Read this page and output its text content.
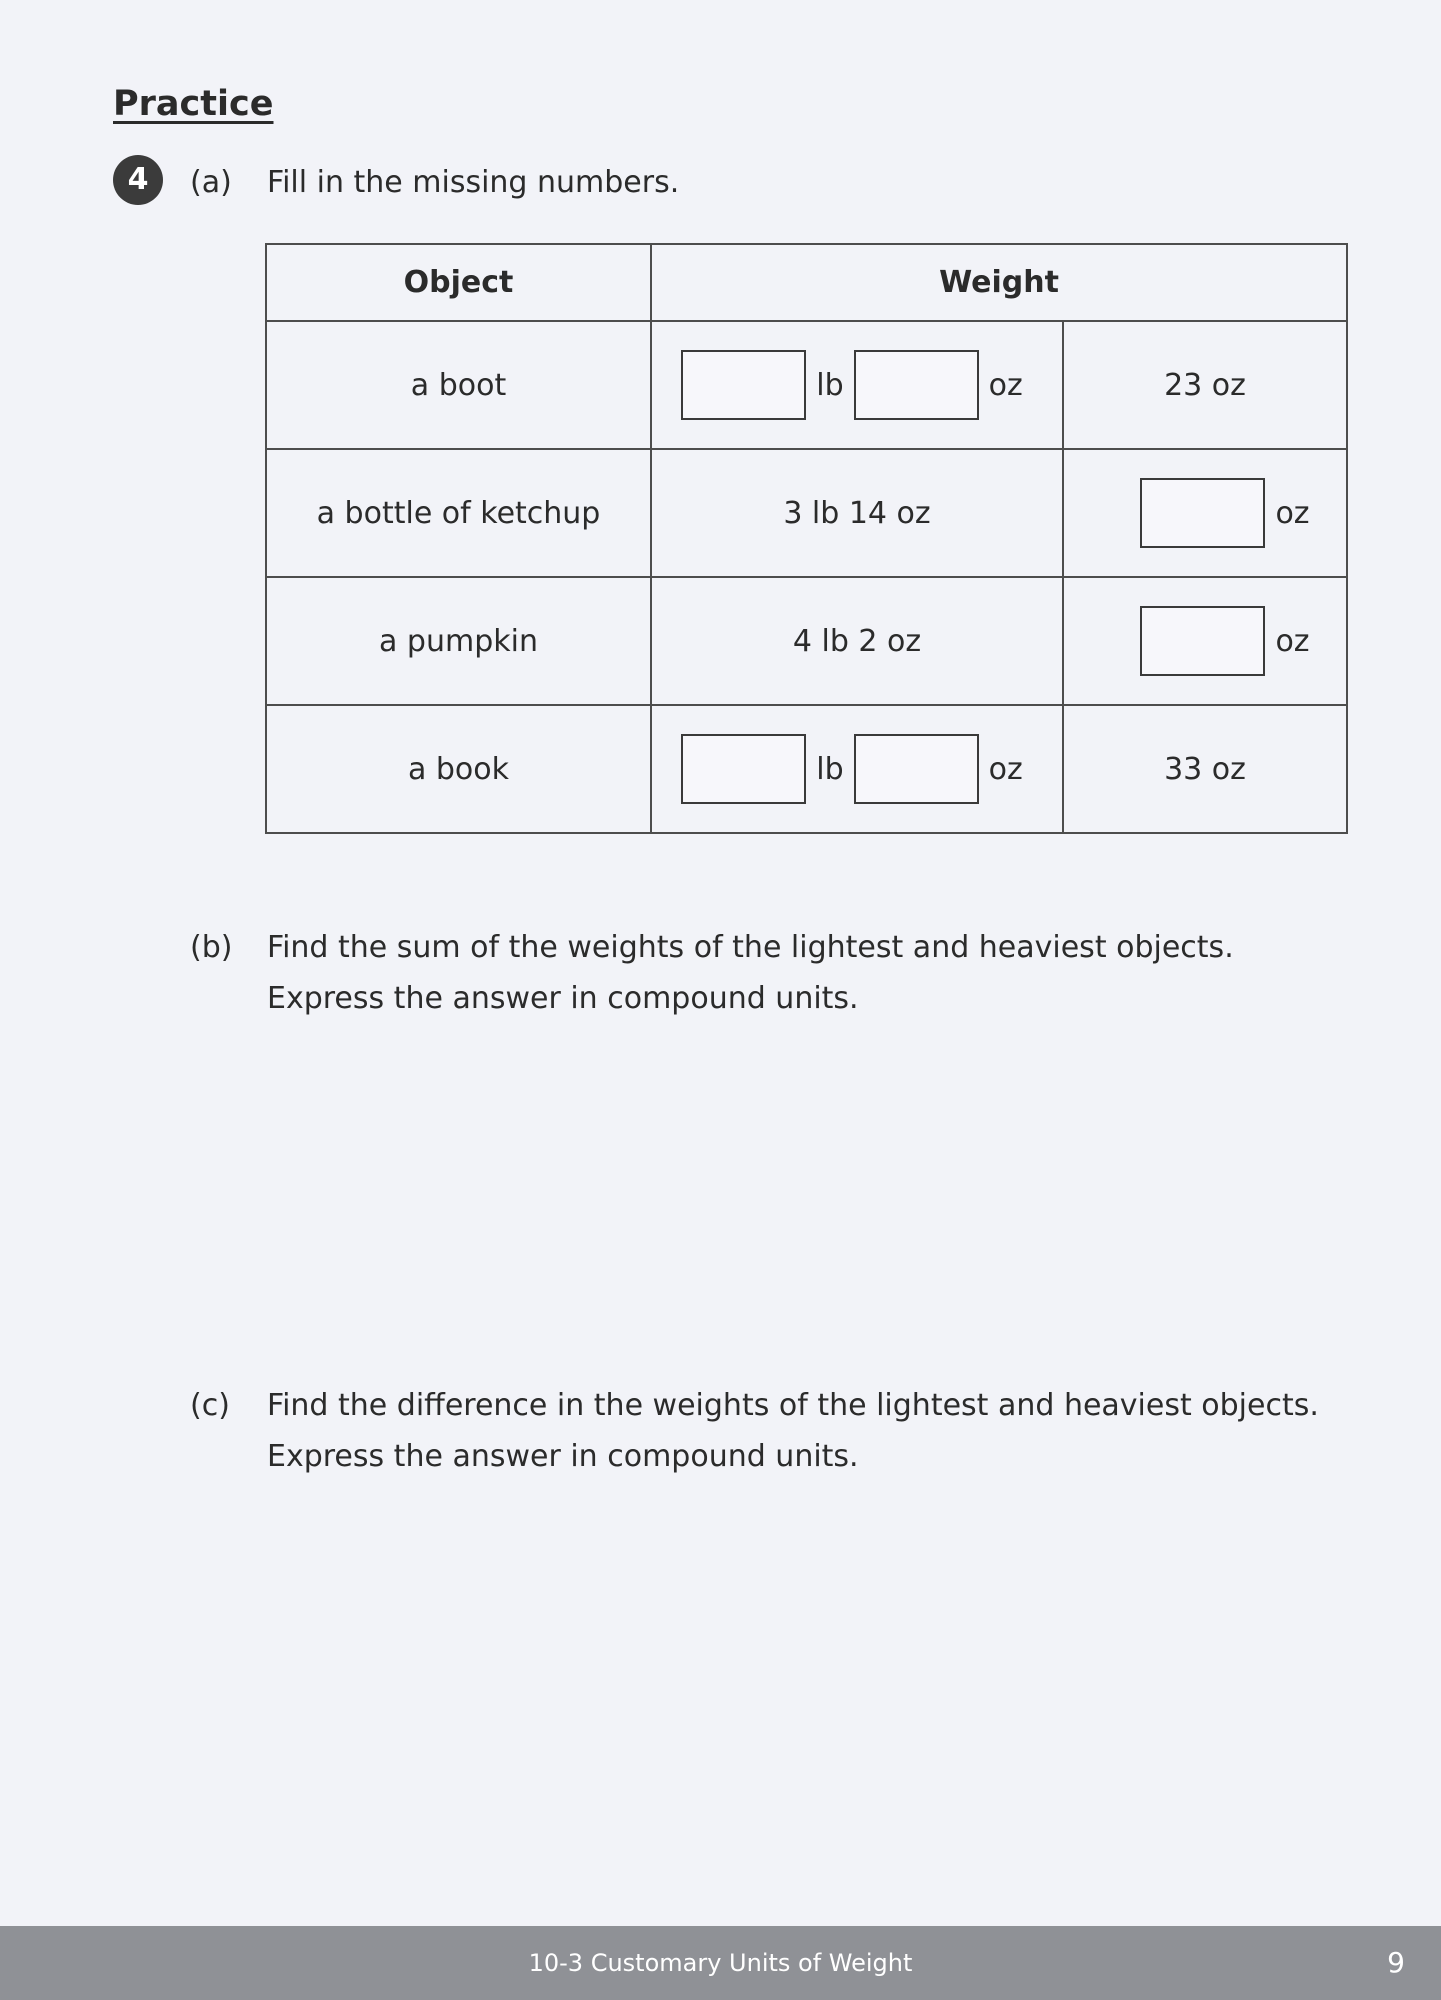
Practice
4	(a) Fill in the missing numbers.
Object	Weight	
a boot	lb oz	23 oz
a bottle of ketchup	3 lb 14 oz	oz

a pumpkin	4 lb 2 oz	oz

a book	lb oz	33 oz
(b) Find the sum of the weights of the lightest and heaviest objects.
Express the answer in compound units.
(c) Find the difference in the weights of the lightest and heaviest objects.
Express the answer in compound units.
10-3 Customary Units of Weight	9
